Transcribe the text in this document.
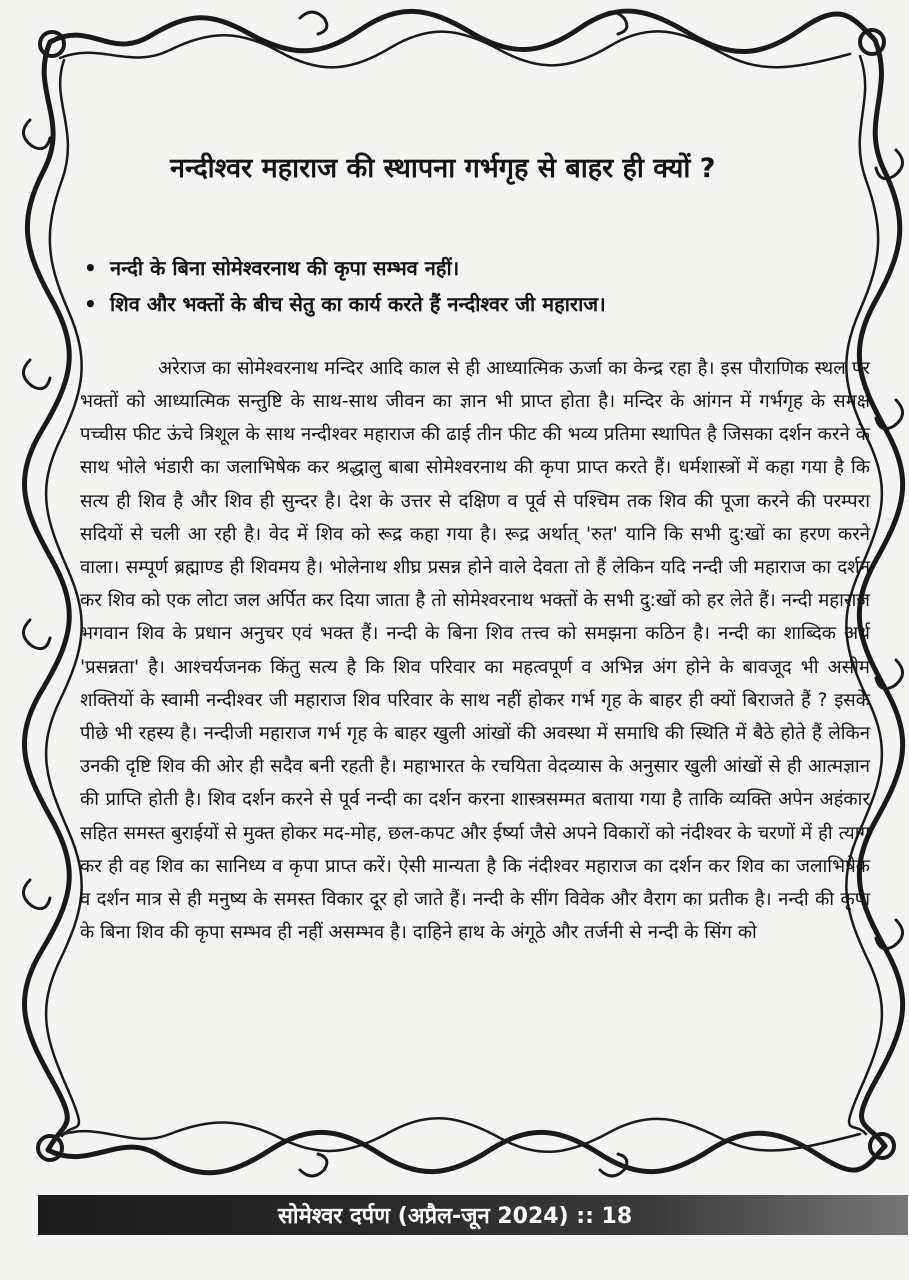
नन्दीश्वर महाराज की स्थापना गर्भगृह से बाहर ही क्यों ?
• नन्दी के बिना सोमेश्वरनाथ की कृपा सम्भव नहीं।
• शिव और भक्तों के बीच सेतु का कार्य करते हैं नन्दीश्वर जी महाराज।

अरेराज का सोमेश्वरनाथ मन्दिर आदि काल से ही आध्यात्मिक ऊर्जा का केन्द्र रहा है। इस पौराणिक स्थल पर भक्तों को आध्यात्मिक सन्तुष्टि के साथ-साथ जीवन का ज्ञान भी प्राप्त होता है। मन्दिर के आंगन में गर्भगृह के समक्ष पच्चीस फीट ऊंचे त्रिशूल के साथ नन्दीश्वर महाराज की ढाई तीन फीट की भव्य प्रतिमा स्थापित है जिसका दर्शन करने के साथ भोले भंडारी का जलाभिषेक कर श्रद्धालु बाबा सोमेश्वरनाथ की कृपा प्राप्त करते हैं। धर्मशास्त्रों में कहा गया है कि सत्य ही शिव है और शिव ही सुन्दर है। देश के उत्तर से दक्षिण व पूर्व से पश्चिम तक शिव की पूजा करने की परम्परा सदियों से चली आ रही है। वेद में शिव को रूद्र कहा गया है। रूद्र अर्थात् 'रुत' यानि कि सभी दु:खों का हरण करने वाला। सम्पूर्ण ब्रह्माण्ड ही शिवमय है। भोलेनाथ शीघ्र प्रसन्न होने वाले देवता तो हैं लेकिन यदि नन्दी जी महाराज का दर्शन कर शिव को एक लोटा जल अर्पित कर दिया जाता है तो सोमेश्वरनाथ भक्तों के सभी दु:खों को हर लेते हैं। नन्दी महाराज भगवान शिव के प्रधान अनुचर एवं भक्त हैं। नन्दी के बिना शिव तत्त्व को समझना कठिन है। नन्दी का शाब्दिक अर्थ 'प्रसन्नता' है। आश्चर्यजनक किंतु सत्य है कि शिव परिवार का महत्वपूर्ण व अभिन्न अंग होने के बावजूद भी असीम शक्तियों के स्वामी नन्दीश्वर जी महाराज शिव परिवार के साथ नहीं होकर गर्भ गृह के बाहर ही क्यों बिराजते हैं ? इसके पीछे भी रहस्य है। नन्दीजी महाराज गर्भ गृह के बाहर खुली आंखों की अवस्था में समाधि की स्थिति में बैठे होते हैं लेकिन उनकी दृष्टि शिव की ओर ही सदैव बनी रहती है। महाभारत के रचयिता वेदव्यास के अनुसार खुली आंखों से ही आत्मज्ञान की प्राप्ति होती है। शिव दर्शन करने से पूर्व नन्दी का दर्शन करना शास्त्रसम्मत बताया गया है ताकि व्यक्ति अपेन अहंकार सहित समस्त बुराईयों से मुक्त होकर मद-मोह, छल-कपट और ईर्ष्या जैसे अपने विकारों को नंदीश्वर के चरणों में ही त्याग कर ही वह शिव का सानिध्य व कृपा प्राप्त करें। ऐसी मान्यता है कि नंदीश्वर महाराज का दर्शन कर शिव का जलाभिषेक व दर्शन मात्र से ही मनुष्य के समस्त विकार दूर हो जाते हैं। नन्दी के सींग विवेक और वैराग का प्रतीक है। नन्दी की कृपा के बिना शिव की कृपा सम्भव ही नहीं असम्भव है। दाहिने हाथ के अंगूठे और तर्जनी से नन्दी के सिंग को

सोमेश्वर दर्पण (अप्रैल-जून 2024) :: 18
